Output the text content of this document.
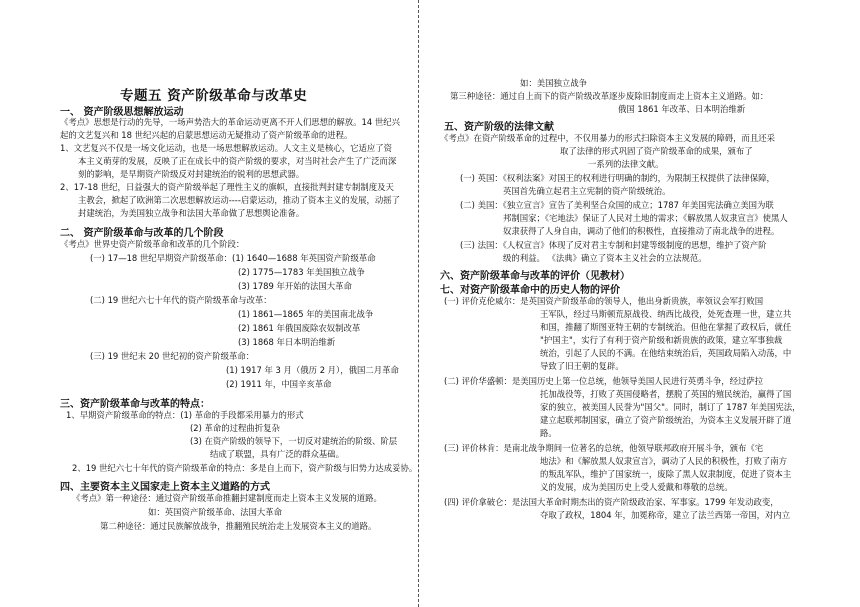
专题五 资产阶级革命与改革史
一、 资产阶级思想解放运动
《考点》思想是行动的先导，一场声势浩大的革命运动更离不开人们思想的解放。14 世纪兴
起的文艺复兴和 18 世纪兴起的启蒙思想运动无疑推动了资产阶级革命的进程。
1、文艺复兴不仅是一场文化运动，也是一场思想解放运动。人文主义是核心，它适应了资
本主义萌芽的发展，反映了正在成长中的资产阶级的要求，对当时社会产生了广泛而深
刻的影响，是早期资产阶级反对封建统治的锐利的思想武器。
2、17-18 世纪，日益强大的资产阶级举起了理性主义的旗帜，直接批判封建专制制度及天
主教会，掀起了欧洲第二次思想解放运动----启蒙运动，推动了资本主义的发展，动摇了
封建统治，为美国独立战争和法国大革命做了思想舆论准备。
二、 资产阶级革命与改革的几个阶段
《考点》世界史资产阶级革命和改革的几个阶段：
(一) 17—18 世纪早期资产阶级革命：(1) 1640—1688 年英国资产阶级革命
(2) 1775—1783 年美国独立战争
(3) 1789 年开始的法国大革命
(二) 19 世纪六七十年代的资产阶级革命与改革：
(1) 1861—1865 年的美国南北战争
(2) 1861 年俄国废除农奴制改革
(3) 1868 年日本明治维新
(三) 19 世纪末 20 世纪初的资产阶级革命：
(1) 1917 年 3 月（俄历 2 月），俄国二月革命
(2) 1911 年，中国辛亥革命
三、资产阶级革命与改革的特点：
1、早期资产阶级革命的特点：(1) 革命的手段都采用暴力的形式
(2) 革命的过程曲折复杂
(3) 在资产阶级的领导下，一切反对建统治的阶级、阶层
结成了联盟，具有广泛的群众基础。
2、19 世纪六七十年代的资产阶级革命的特点：多是自上而下，资产阶级与旧势力达成妥协。
四、主要资本主义国家走上资本主义道路的方式
《考点》第一种途径：通过资产阶级革命推翻封建制度而走上资本主义发展的道路。
如：英国资产阶级革命、法国大革命
第二种途径：通过民族解放战争，推翻殖民统治走上发展资本主义的道路。
如：美国独立战争
第三种途径：通过自上而下的资产阶级改革逐步废除旧制度而走上资本主义道路。如：
俄国 1861 年改革、日本明治维新
五、资产阶级的法律文献
《考点》在资产阶级革命的过程中，不仅用暴力的形式扫除资本主义发展的障碍，而且还采
取了法律的形式巩固了资产阶级革命的成果，颁布了
一系列的法律文献。
(一) 英国：《权利法案》对国王的权利进行明确的制约，为限制王权提供了法律保障，
英国首先确立起君主立宪制的资产阶级统治。
(二) 美国：《独立宣言》宣告了美利坚合众国的成立；1787 年美国宪法确立美国为联
邦制国家；《宅地法》保证了人民对土地的需求；《解放黑人奴隶宣言》使黑人
奴隶获得了人身自由，调动了他们的积极性，直接推动了南北战争的进程。
(三) 法国：《人权宣言》体现了反对君主专制和封建等级制度的思想，维护了资产阶
级的利益。 《法典》确立了资本主义社会的立法规范。
六、资产阶级革命与改革的评价（见教材）
七、对资产阶级革命中的历史人物的评价
(一) 评价克伦威尔：是英国资产阶级革命的领导人，他出身新贵族，率领议会军打败国
王军队，经过马斯顿荒原战役、纳西比战役，处死查理一世，建立共
和国，推翻了斯图亚特王朝的专制统治。但他在掌握了政权后，就任
"护国主"，实行了有利于资产阶级和新贵族的政策，建立军事独裁
统治，引起了人民的不满。在他结束统治后，英国政局陷入动荡，中
导致了旧王朝的复辟。
(二) 评价华盛顿：是美国历史上第一位总统，他领导美国人民进行英勇斗争，经过萨拉
托加战役等，打败了英国侵略者，摆脱了英国的殖民统治，赢得了国
家的独立，被美国人民誉为"国父"。同时，制订了 1787 年美国宪法，
建立起联邦制国家，确立了资产阶级统治，为资本主义发展开辟了道
路。
(三) 评价林肯：是南北战争期间一位著名的总统，他领导联邦政府开展斗争，颁布《宅
地法》和《解放黑人奴隶宣言》，调动了人民的积极性，打败了南方
的叛乱军队，维护了国家统一，废除了黑人奴隶制度，促进了资本主
义的发展，成为美国历史上受人爱戴和尊敬的总统。
(四) 评价拿破仑：是法国大革命时期杰出的资产阶级政治家、军事家。1799 年发动政变，
夺取了政权，1804 年，加冕称帝，建立了法兰西第一帝国，对内立
